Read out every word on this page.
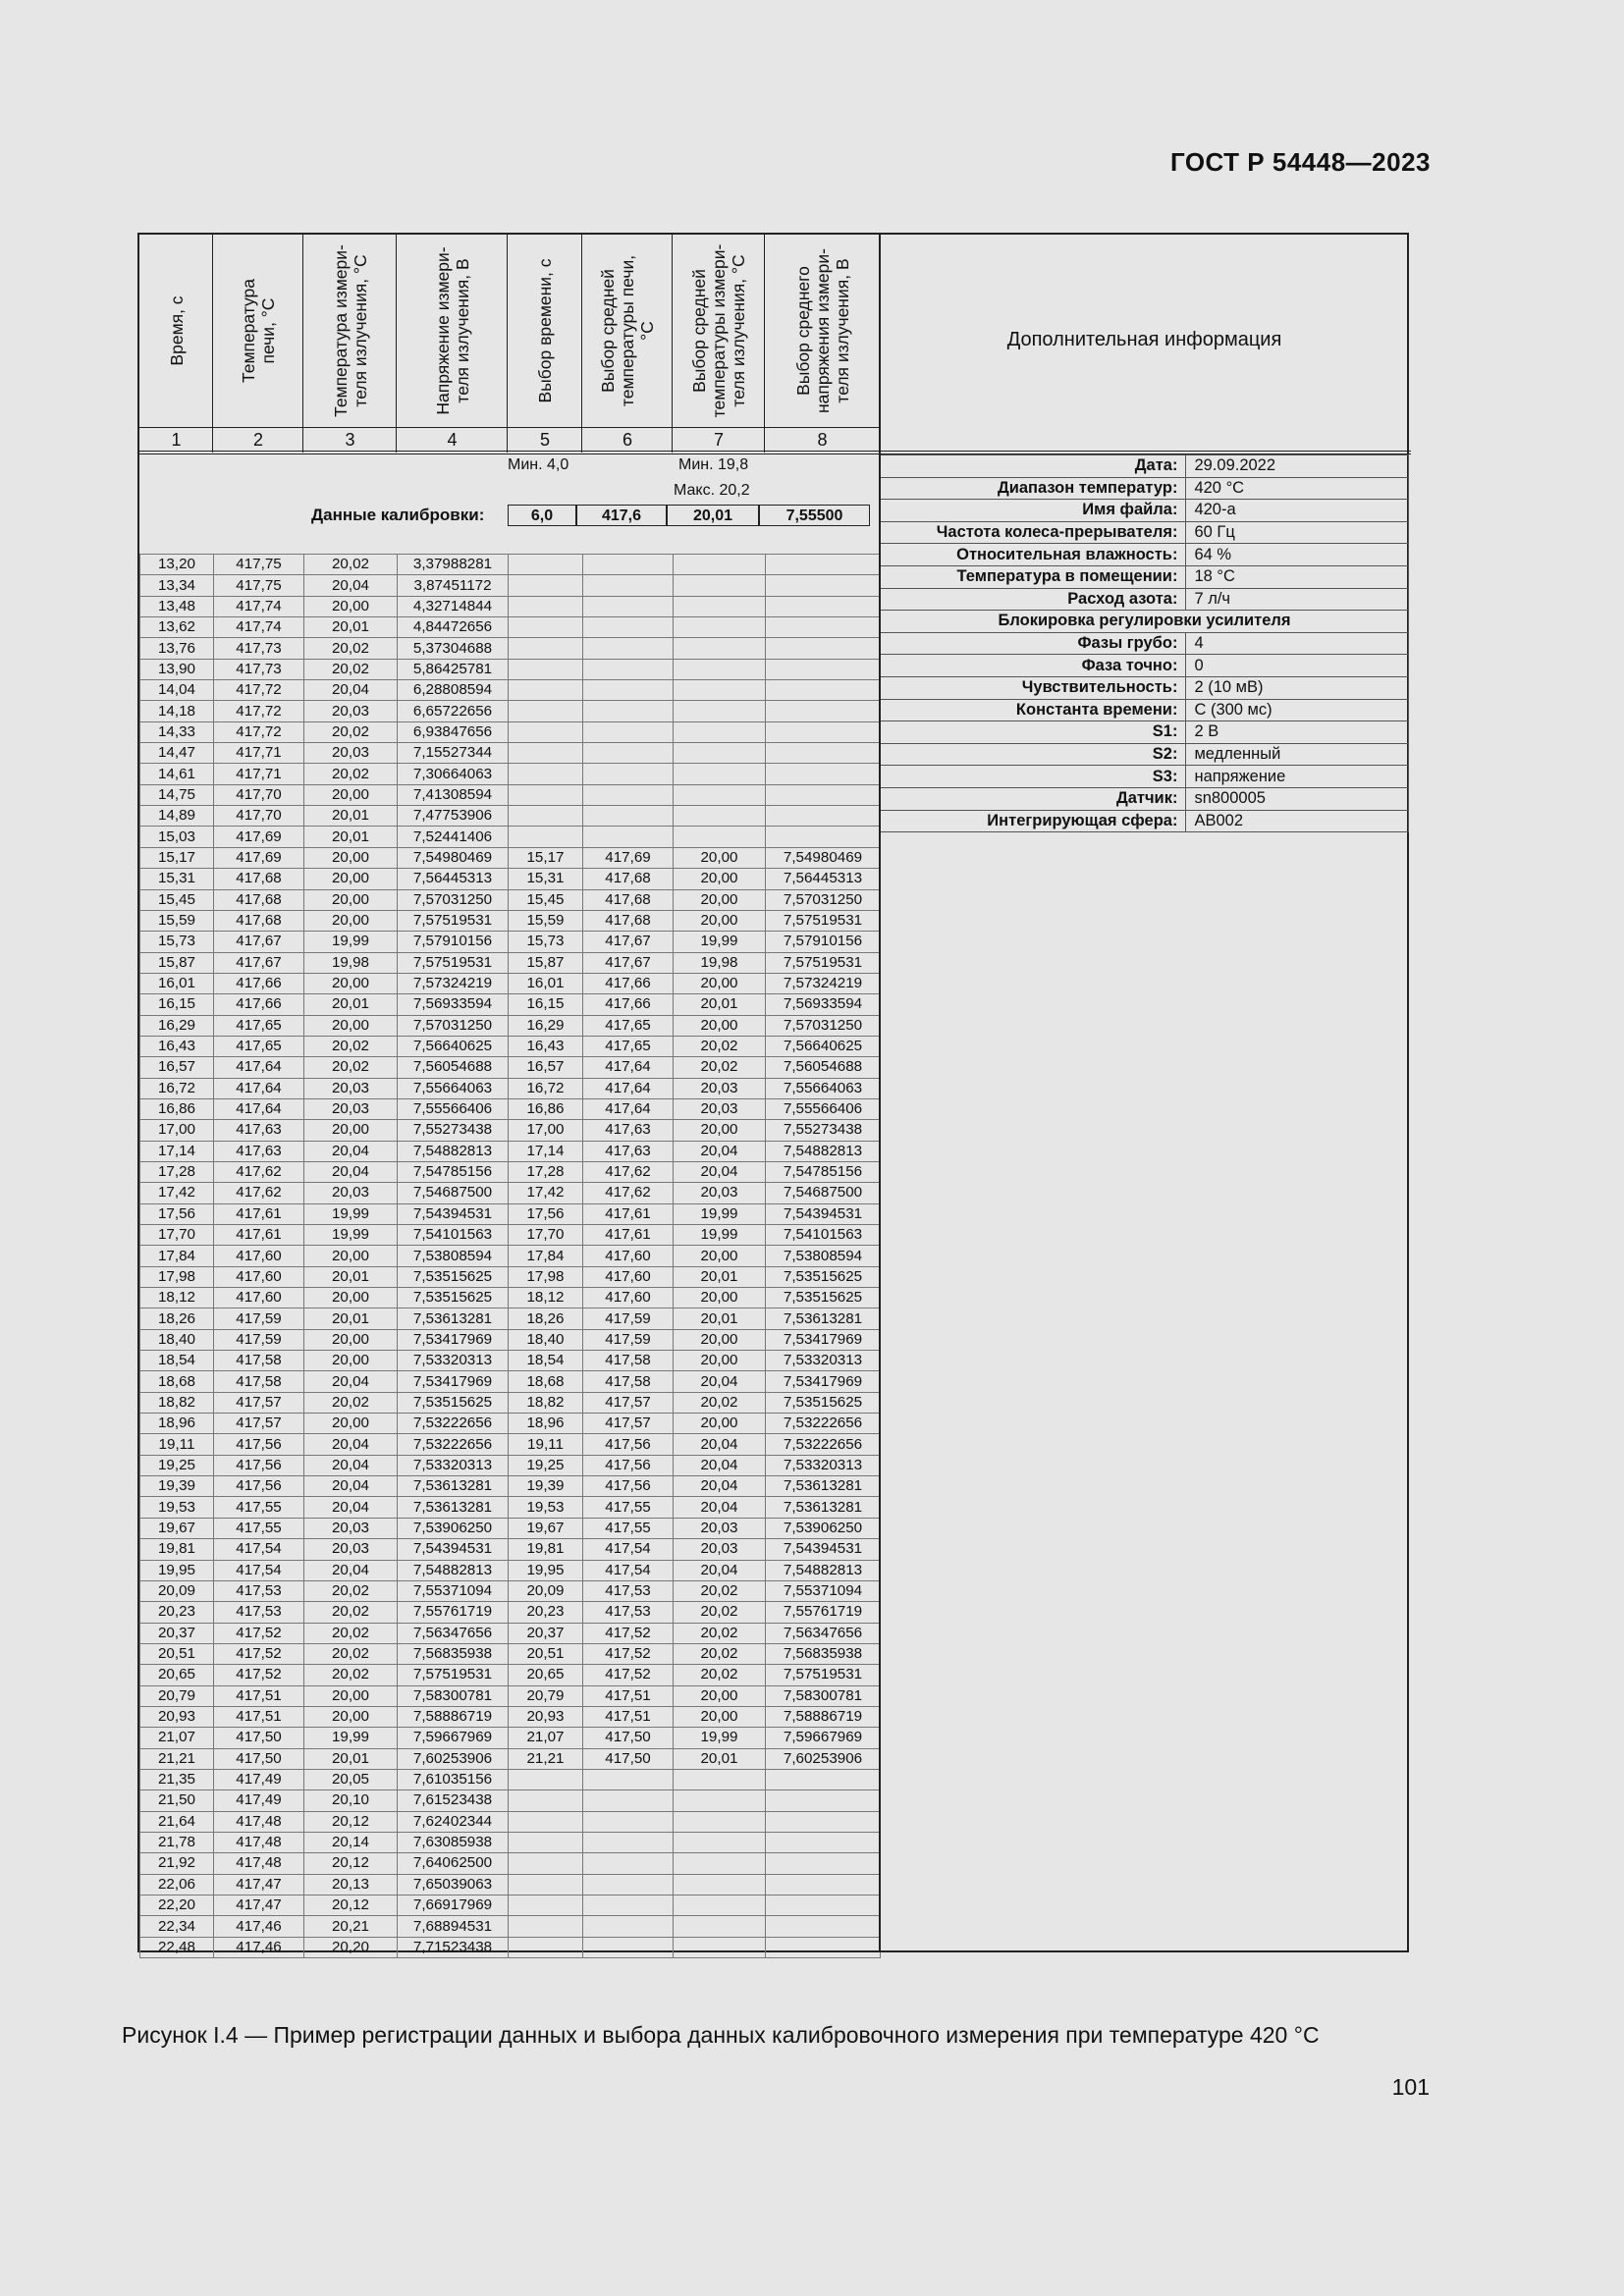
ГОСТ Р 54448—2023
Дополнительная информация
Мин. 4,0	Мин. 19,8
Макс. 20,2
Данные калибровки:	6,0	417,6	20,01	7,55500
Дата:	29.09.2022
Диапазон температур:	420 °C
Имя файла:	420-a
Частота колеса-прерывателя:	60 Гц
Относительная влажность:	64 %
Температура в помещении:	18 °C
Расход азота:	7 л/ч
Блокировка регулировки усилителя	
Фазы грубо:	4
Фаза точно:	0
Чувствительность:	2 (10 мВ)
Константа времени:	C (300 мс)
S1:	2 В
S2:	медленный
S3:	напряжение
Датчик:	sn800005
Интегрирующая сфера:	AB002
13,20	417,75	20,02	3,37988281				
13,34	417,75	20,04	3,87451172				
13,48	417,74	20,00	4,32714844				
13,62	417,74	20,01	4,84472656				
13,76	417,73	20,02	5,37304688				
13,90	417,73	20,02	5,86425781				
14,04	417,72	20,04	6,28808594				
14,18	417,72	20,03	6,65722656				
14,33	417,72	20,02	6,93847656				
14,47	417,71	20,03	7,15527344				
14,61	417,71	20,02	7,30664063				
14,75	417,70	20,00	7,41308594				
14,89	417,70	20,01	7,47753906				
15,03	417,69	20,01	7,52441406				
15,17	417,69	20,00	7,54980469	15,17	417,69	20,00	7,54980469
15,31	417,68	20,00	7,56445313	15,31	417,68	20,00	7,56445313
15,45	417,68	20,00	7,57031250	15,45	417,68	20,00	7,57031250
15,59	417,68	20,00	7,57519531	15,59	417,68	20,00	7,57519531
15,73	417,67	19,99	7,57910156	15,73	417,67	19,99	7,57910156
15,87	417,67	19,98	7,57519531	15,87	417,67	19,98	7,57519531
16,01	417,66	20,00	7,57324219	16,01	417,66	20,00	7,57324219
16,15	417,66	20,01	7,56933594	16,15	417,66	20,01	7,56933594
16,29	417,65	20,00	7,57031250	16,29	417,65	20,00	7,57031250
16,43	417,65	20,02	7,56640625	16,43	417,65	20,02	7,56640625
16,57	417,64	20,02	7,56054688	16,57	417,64	20,02	7,56054688
16,72	417,64	20,03	7,55664063	16,72	417,64	20,03	7,55664063
16,86	417,64	20,03	7,55566406	16,86	417,64	20,03	7,55566406
17,00	417,63	20,00	7,55273438	17,00	417,63	20,00	7,55273438
17,14	417,63	20,04	7,54882813	17,14	417,63	20,04	7,54882813
17,28	417,62	20,04	7,54785156	17,28	417,62	20,04	7,54785156
17,42	417,62	20,03	7,54687500	17,42	417,62	20,03	7,54687500
17,56	417,61	19,99	7,54394531	17,56	417,61	19,99	7,54394531
17,70	417,61	19,99	7,54101563	17,70	417,61	19,99	7,54101563
17,84	417,60	20,00	7,53808594	17,84	417,60	20,00	7,53808594
17,98	417,60	20,01	7,53515625	17,98	417,60	20,01	7,53515625
18,12	417,60	20,00	7,53515625	18,12	417,60	20,00	7,53515625
18,26	417,59	20,01	7,53613281	18,26	417,59	20,01	7,53613281
18,40	417,59	20,00	7,53417969	18,40	417,59	20,00	7,53417969
18,54	417,58	20,00	7,53320313	18,54	417,58	20,00	7,53320313
18,68	417,58	20,04	7,53417969	18,68	417,58	20,04	7,53417969
18,82	417,57	20,02	7,53515625	18,82	417,57	20,02	7,53515625
18,96	417,57	20,00	7,53222656	18,96	417,57	20,00	7,53222656
19,11	417,56	20,04	7,53222656	19,11	417,56	20,04	7,53222656
19,25	417,56	20,04	7,53320313	19,25	417,56	20,04	7,53320313
19,39	417,56	20,04	7,53613281	19,39	417,56	20,04	7,53613281
19,53	417,55	20,04	7,53613281	19,53	417,55	20,04	7,53613281
19,67	417,55	20,03	7,53906250	19,67	417,55	20,03	7,53906250
19,81	417,54	20,03	7,54394531	19,81	417,54	20,03	7,54394531
19,95	417,54	20,04	7,54882813	19,95	417,54	20,04	7,54882813
20,09	417,53	20,02	7,55371094	20,09	417,53	20,02	7,55371094
20,23	417,53	20,02	7,55761719	20,23	417,53	20,02	7,55761719
20,37	417,52	20,02	7,56347656	20,37	417,52	20,02	7,56347656
20,51	417,52	20,02	7,56835938	20,51	417,52	20,02	7,56835938
20,65	417,52	20,02	7,57519531	20,65	417,52	20,02	7,57519531
20,79	417,51	20,00	7,58300781	20,79	417,51	20,00	7,58300781
20,93	417,51	20,00	7,58886719	20,93	417,51	20,00	7,58886719
21,07	417,50	19,99	7,59667969	21,07	417,50	19,99	7,59667969
21,21	417,50	20,01	7,60253906	21,21	417,50	20,01	7,60253906
21,35	417,49	20,05	7,61035156				
21,50	417,49	20,10	7,61523438				
21,64	417,48	20,12	7,62402344				
21,78	417,48	20,14	7,63085938				
21,92	417,48	20,12	7,64062500				
22,06	417,47	20,13	7,65039063				
22,20	417,47	20,12	7,66917969				
22,34	417,46	20,21	7,68894531				
22,48	417,46	20,20	7,71523438				
Время, с
1
Температура
печи, °С
2
Температура измери-
теля излучения, °С
3
Напряжение измери-
теля излучения, В
4
Выбор времени, с
5
Выбор средней
температуры печи,
°С
6
Выбор средней
температуры измери-
теля излучения, °С
7
Выбор среднего
напряжения измери-
теля излучения, В
8
Рисунок I.4 — Пример регистрации данных и выбора данных калибровочного измерения при температуре 420 °С
101
